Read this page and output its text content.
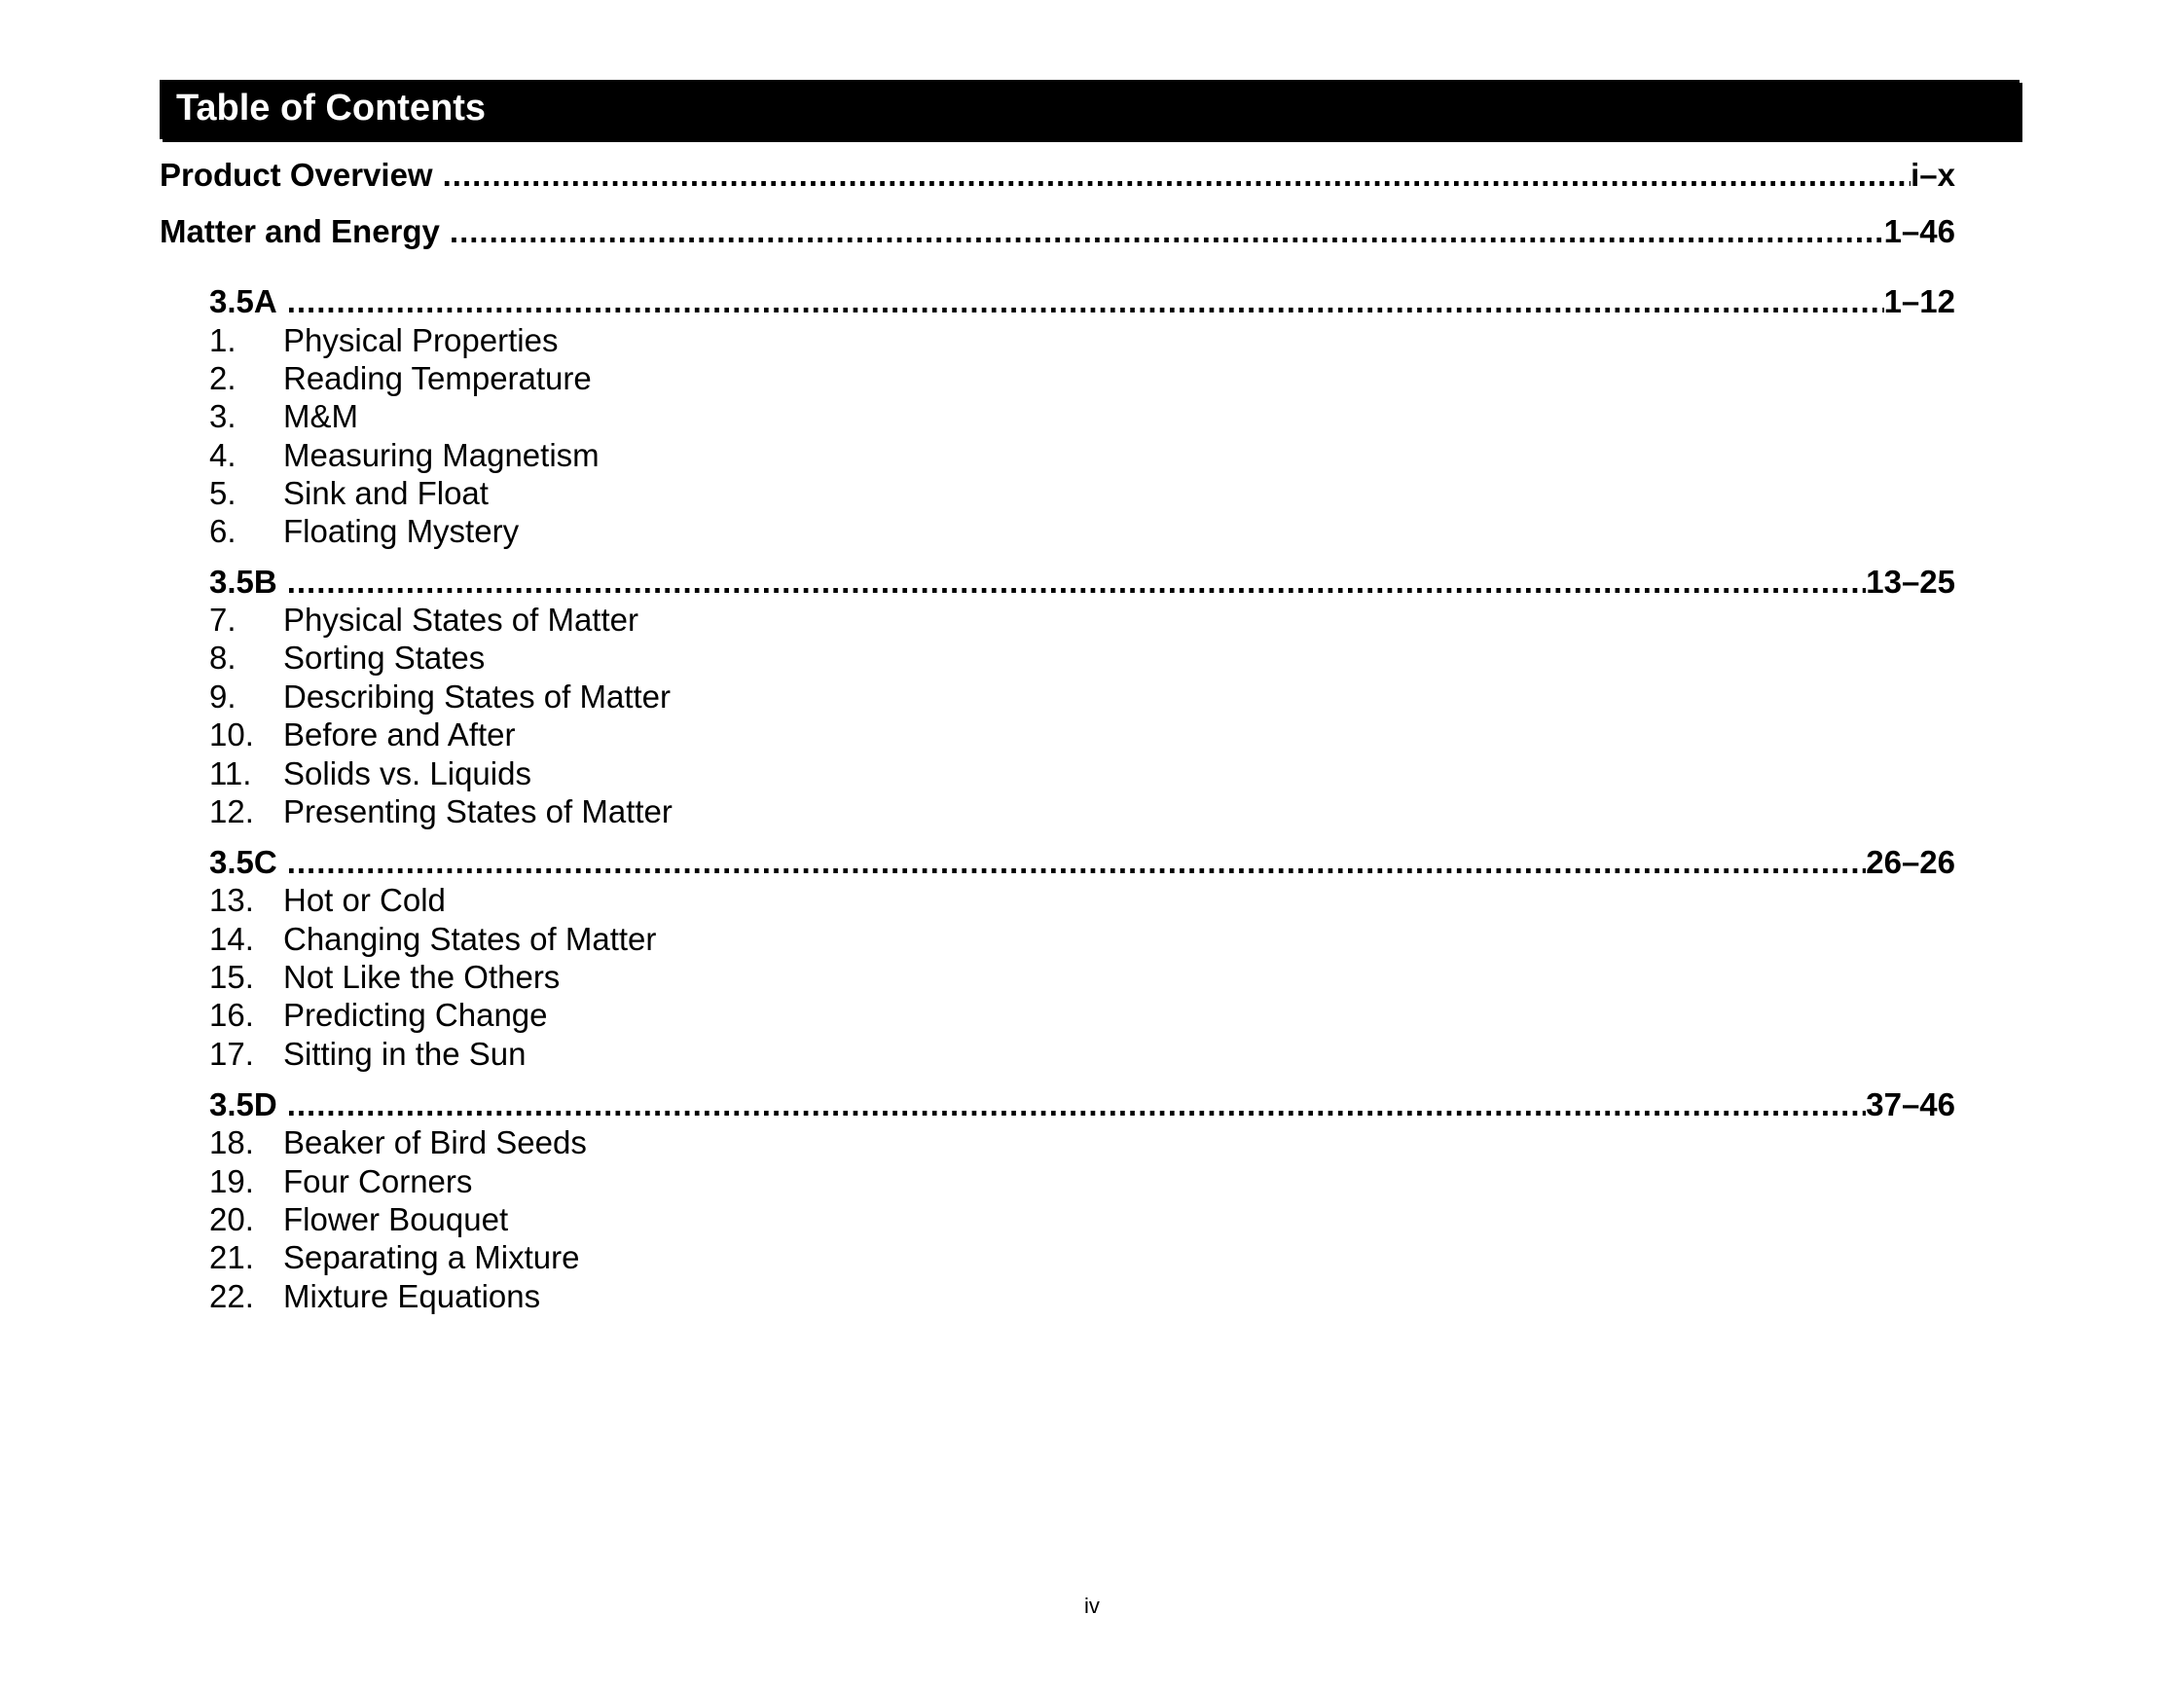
Table of Contents
Product Overview .....	i–x
Matter and Energy .....	1–46
3.5A .....	1–12
1. Physical Properties
2. Reading Temperature
3. M&M
4. Measuring Magnetism
5. Sink and Float
6. Floating Mystery
3.5B .....	13–25
7. Physical States of Matter
8. Sorting States
9. Describing States of Matter
10. Before and After
11. Solids vs. Liquids
12. Presenting States of Matter
3.5C .....	26–26
13. Hot or Cold
14. Changing States of Matter
15. Not Like the Others
16. Predicting Change
17. Sitting in the Sun
3.5D .....	37–46
18. Beaker of Bird Seeds
19. Four Corners
20. Flower Bouquet
21. Separating a Mixture
22. Mixture Equations
iv
